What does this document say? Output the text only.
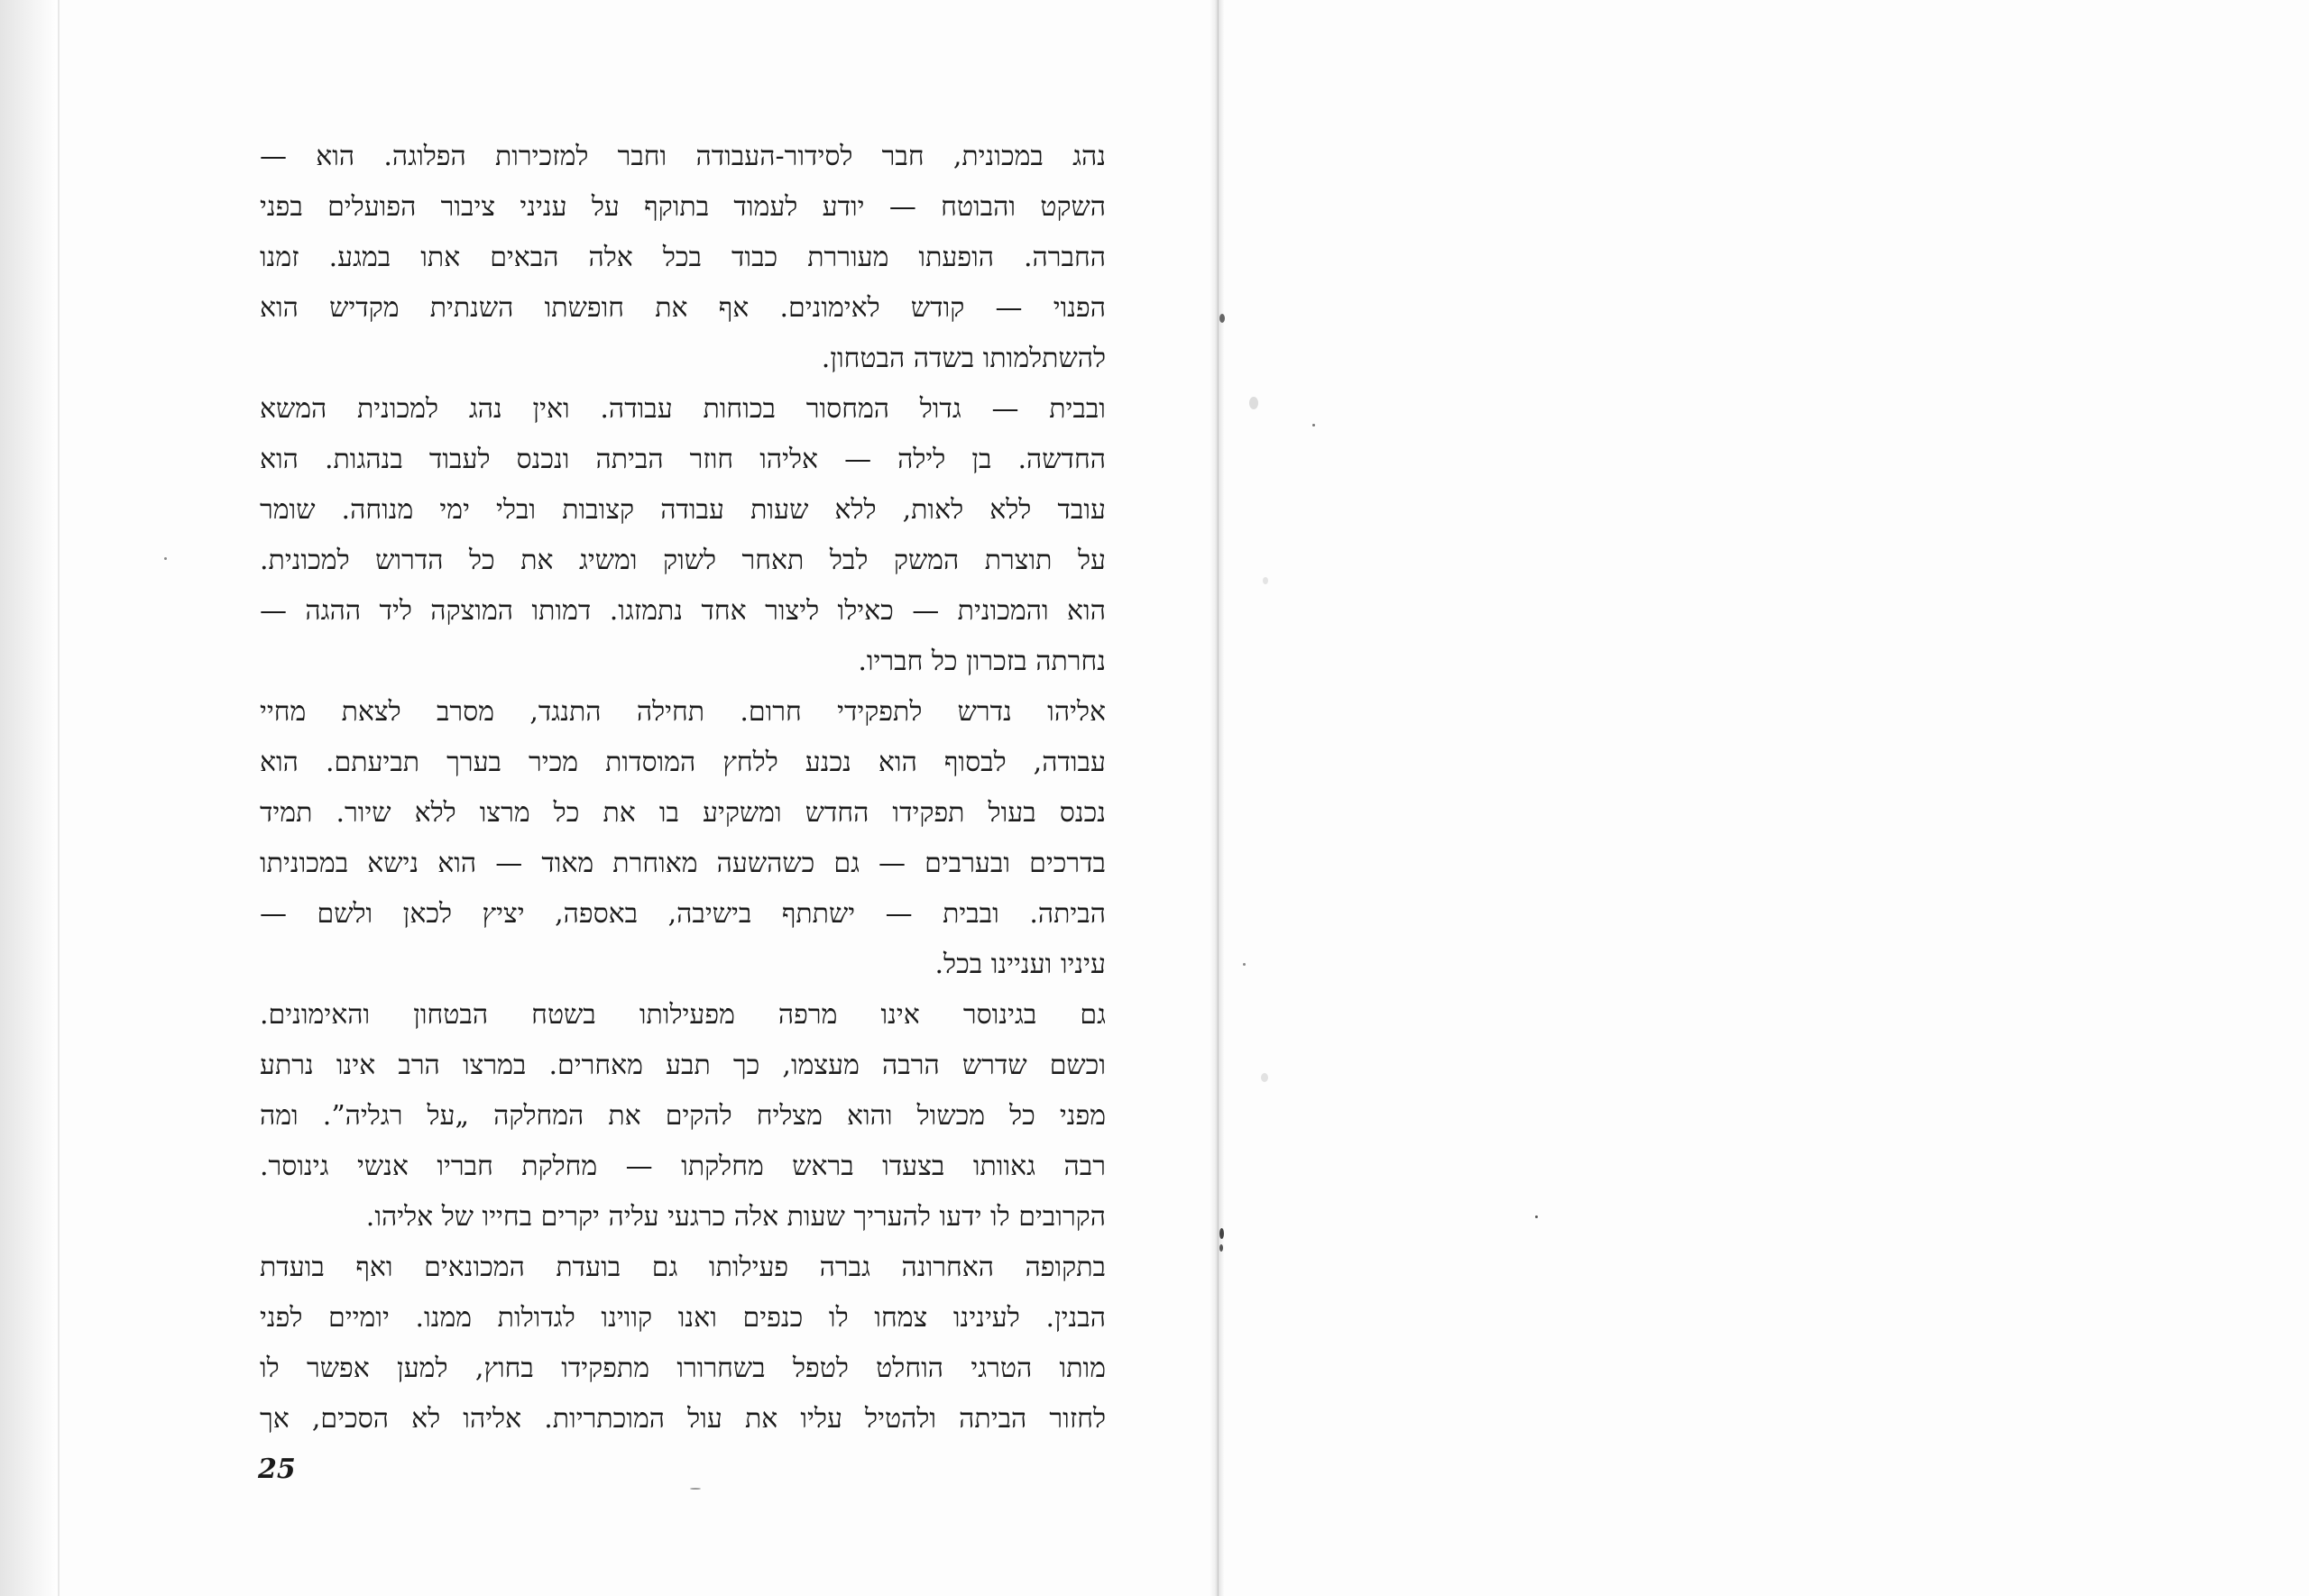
נהג במכונית, חבר לסידור-העבודה וחבר למזכירות הפלוגה. הוא —
השקט והבוטח — יודע לעמוד בתוקף על עניני ציבור הפועלים בפני
החברה. הופעתו מעוררת כבוד בכל אלה הבאים אתו במגע. זמנו
הפנוי — קודש לאימונים. אף את חופשתו השנתית מקדיש הוא
להשתלמותו בשדה הבטחון.
ובבית — גדול המחסור בכוחות עבודה. ואין נהג למכונית המשא
החדשה. בן לילה — אליהו חוזר הביתה ונכנס לעבוד בנהגות. הוא
עובד ללא לאות, ללא שעות עבודה קצובות ובלי ימי מנוחה. שומר
על תוצרת המשק לבל תאחר לשוק ומשיג את כל הדרוש למכונית.
הוא והמכונית — כאילו ליצור אחד נתמזגו. דמותו המוצקה ליד ההגה —
נחרתה בזכרון כל חבריו.
אליהו נדרש לתפקידי חרום. תחילה התנגד, מסרב לצאת מחיי
עבודה, לבסוף הוא נכנע ללחץ המוסדות מכיר בערך תביעתם. הוא
נכנס בעול תפקידו החדש ומשקיע בו את כל מרצו ללא שיור. תמיד
בדרכים ובערבים — גם כשהשעה מאוחרת מאוד — הוא נישא במכוניתו
הביתה. ובבית — ישתתף בישיבה, באספה, יציץ לכאן ולשם —
עיניו ועניינו בכל.
גם בגינוסר אינו מרפה מפעילותו בשטח הבטחון והאימונים.
וכשם שדרש הרבה מעצמו, כך תבע מאחרים. במרצו הרב אינו נרתע
מפני כל מכשול והוא מצליח להקים את המחלקה „על רגליה”. ומה
רבה גאוותו בצעדו בראש מחלקתו — מחלקת חבריו אנשי גינוסר.
הקרובים לו ידעו להעריך שעות אלה כרגעי עליה יקרים בחייו של אליהו.
בתקופה האחרונה גברה פעילותו גם בועדת המכונאים ואף בועדת
הבנין. לעינינו צמחו לו כנפים ואנו קווינו לגדולות ממנו. יומיים לפני
מותו הטרגי הוחלט לטפל בשחרורו מתפקידו בחוץ, למען אפשר לו
לחזור הביתה ולהטיל עליו את עול המוכתריות. אליהו לא הסכים, אך
25
